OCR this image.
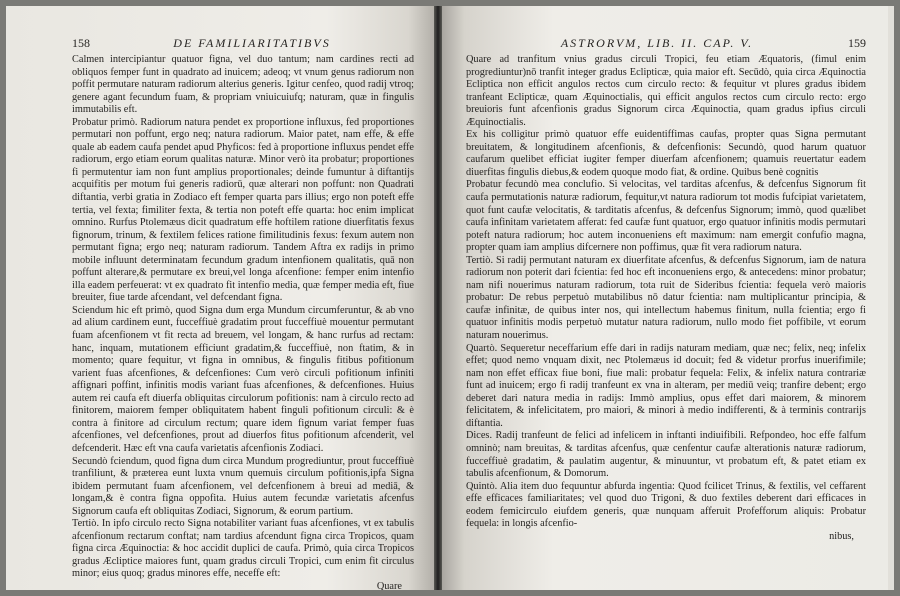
158	DE FAMILIARITATIBVS

Calmen intercipiantur quatuor figna, vel duo tantum; nam cardines recti ad obliquos femper funt in quadrato ad inuicem; adeoq; vt vnum genus radiorum non poffit permutare naturam radiorum alterius generis. Igitur cenfeo, quod radij vtroq; genere agant fecundum fuam, & propriam vniuicuiufq; naturam, quæ in fingulis immutabilis eft.

Probatur primò. Radiorum natura pendet ex proportione influxus, fed proportiones permutari non poffunt, ergo neq; natura radiorum. Maior patet, nam effe, & effe quale ab eadem caufa pendet apud Phyficos: fed à proportione influxus pendet effe radiorum, ergo etiam eorum qualitas naturæ. Minor verò ita probatur; proportiones fi permutentur iam non funt amplius proportionales; deinde fumuntur à diftantijs acquifitis per motum fui generis radiorū, quæ alterari non poffunt: non Quadrati diftantia, verbi gratia in Zodiaco eft femper quarta pars illius; ergo non poteft effe tertia, vel fexta; fimiliter fexta, & tertia non poteft effe quarta: hoc enim implicat omnino. Rurfus Ptolemæus dicit quadratum effe hoftilem ratione diuerfitatis fexus fignorum, trinum, & fextilem felices ratione fimilitudinis fexus: fexum autem non permutant figna; ergo neq; naturam radiorum. Tandem Aftra ex radijs in primo mobile influunt determinatam fecundum gradum intenfionem qualitatis, quā non poffunt alterare,& permutare ex breui,vel longa afcenfione: femper enim intenfio illa eadem perfeuerat: vt ex quadrato fit intenfio media, quæ femper media eft, fiue breuiter, fiue tarde afcendant, vel defcendant figna.

Sciendum hic eft primò, quod Signa dum erga Mundum circumferuntur, & ab vno ad alium cardinem eunt, fucceffiuè gradatim prout fucceffiuè mouentur permutant fuam afcenfionem vt fit recta ad breuem, vel longam, & hanc rurfus ad rectam: hanc, inquam, mutationem efficiunt gradatim,& fucceffiuè, non ftatim, & in momento; quare fequitur, vt figna in omnibus, & fingulis fitibus pofitionum varient fuas afcenfiones, & defcenfiones: Cum verò circuli pofitionum infiniti affignari poffint, infinitis modis variant fuas afcenfiones, & defcenfiones. Huius autem rei caufa eft diuerfa obliquitas circulorum pofitionis: nam à circulo recto ad finitorem, maiorem femper obliquitatem habent finguli pofitionum circuli: & è contra à finitore ad circulum rectum; quare idem fignum variat femper fuas afcenfiones, vel defcenfiones, prout ad diuerfos fitus pofitionum afcenderit, vel defcenderit. Hæc eft vna caufa varietatis afcenfionis Zodiaci.

Secundò fciendum, quod figna dum circa Mundum progrediuntur, prout fucceffiuè tranfiliunt, & præterea eunt luxta vnum quemuis circulum pofitionis,ipfa Signa ibidem permutant fuam afcenfionem, vel defcenfionem à breui ad mediā, & longam,& è contra figna oppofita. Huius autem fecundæ varietatis afcenfus Signorum caufa eft obliquitas Zodiaci, Signorum, & eorum partium.

Tertiò. In ipfo circulo recto Signa notabiliter variant fuas afcenfiones, vt ex tabulis afcenfionum rectarum conftat; nam tardius afcendunt figna circa Tropicos, quam figna circa Æquinoctia: & hoc accidit duplici de caufa. Primò, quia circa Tropicos gradus Æcliptice maiores funt, quam gradus circuli Tropici, cum enim fit circulus minor; eius quoq; gradus minores effe, neceffe eft:

Quare
ASTRORVM, LIB. II. CAP. V.	159

Quare ad tranfitum vnius gradus circuli Tropici, feu etiam Æquatoris, (fimul enim progrediuntur)nō tranfit integer gradus Eclipticæ, quia maior eft. Secūdò, quia circa Æquinoctia Ecliptica non efficit angulos rectos cum circulo recto: & fequitur vt plures gradus ibidem tranfeant Eclipticæ, quam Æquinoctialis, qui efficit angulos rectos cum circulo recto: ergo breuioris funt afcenfionis gradus Signorum circa Æquinoctia, quam gradus ipfius circuli Æquinoctialis.

Ex his colligitur primò quatuor effe euidentiffimas caufas, propter quas Signa permutant breuitatem, & longitudinem afcenfionis, & defcenfionis: Secundò, quod harum quatuor caufarum quelibet efficiat iugiter femper diuerfam afcenfionem; quamuis reuertatur eadem diuerfitas fingulis diebus,& eodem quoque modo fiat, & ordine. Quibus benè cognitis

Probatur fecundò mea conclufio. Si velocitas, vel tarditas afcenfus, & defcenfus Signorum fit caufa permutationis naturæ radiorum, fequitur,vt natura radiorum tot modis fufcipiat varietatem, quot funt caufæ velocitatis, & tarditatis afcenfus, & defcenfus Signorum; immò, quod quælibet caufa infinitam varietatem afferat: fed caufæ funt quatuor, ergo quatuor infinitis modis permutari poteft natura radiorum; hoc autem inconueniens eft maximum: nam emergit confufio magna, propter quam iam amplius difcernere non poffimus, quæ fit vera radiorum natura.

Tertiò. Si radij permutant naturam ex diuerfitate afcenfus, & defcenfus Signorum, iam de natura radiorum non poterit dari fcientia: fed hoc eft inconueniens ergo, & antecedens: minor probatur; nam nifi nouerimus naturam radiorum, tota ruit de Sideribus fcientia: fequela verò maioris probatur: De rebus perpetuò mutabilibus nō datur fcientia: nam multiplicantur principia, & caufæ infinitæ, de quibus inter nos, qui intellectum habemus finitum, nulla fcientia; ergo fi quatuor infinitis modis perpetuò mutatur natura radiorum, nullo modo fiet poffibile, vt eorum naturam nouerimus.

Quartò. Sequeretur neceffarium effe dari in radijs naturam mediam, quæ nec; felix, neq; infelix effet; quod nemo vnquam dixit, nec Ptolemæus id docuit; fed & videtur prorfus inuerifimile; nam non effet efficax fiue boni, fiue mali: probatur fequela: Felix, & infelix natura contrariæ funt ad inuicem; ergo fi radij tranfeunt ex vna in alteram, per mediū veiq; tranfire debent; ergo deberet dari natura media in radijs: Immò amplius, opus effet dari maiorem, & minorem felicitatem, & infelicitatem, pro maiori, & minori à medio indifferenti, & à terminis contrarijs diftantia.

Dices. Radij tranfeunt de felici ad infelicem in inftanti indiuifibili. Refpondeo, hoc effe falfum omninò; nam breuitas, & tarditas afcenfus, quæ cenfentur caufæ alterationis naturæ radiorum, fucceffiuè gradatim, & paulatim augentur, & minuuntur, vt probatum eft, & patet etiam ex tabulis afcenfionum, & Domorum.

Quintò. Alia item duo fequuntur abfurda ingentia: Quod fcilicet Trinus, & fextilis, vel ceffarent effe efficaces familiaritates; vel quod duo Trigoni, & duo fextiles deberent dari efficaces in eodem femicirculo eiufdem generis, quæ nunquam afferuit Profefforum aliquis: Probatur fequela: in longis afcenfio-

nibus,
